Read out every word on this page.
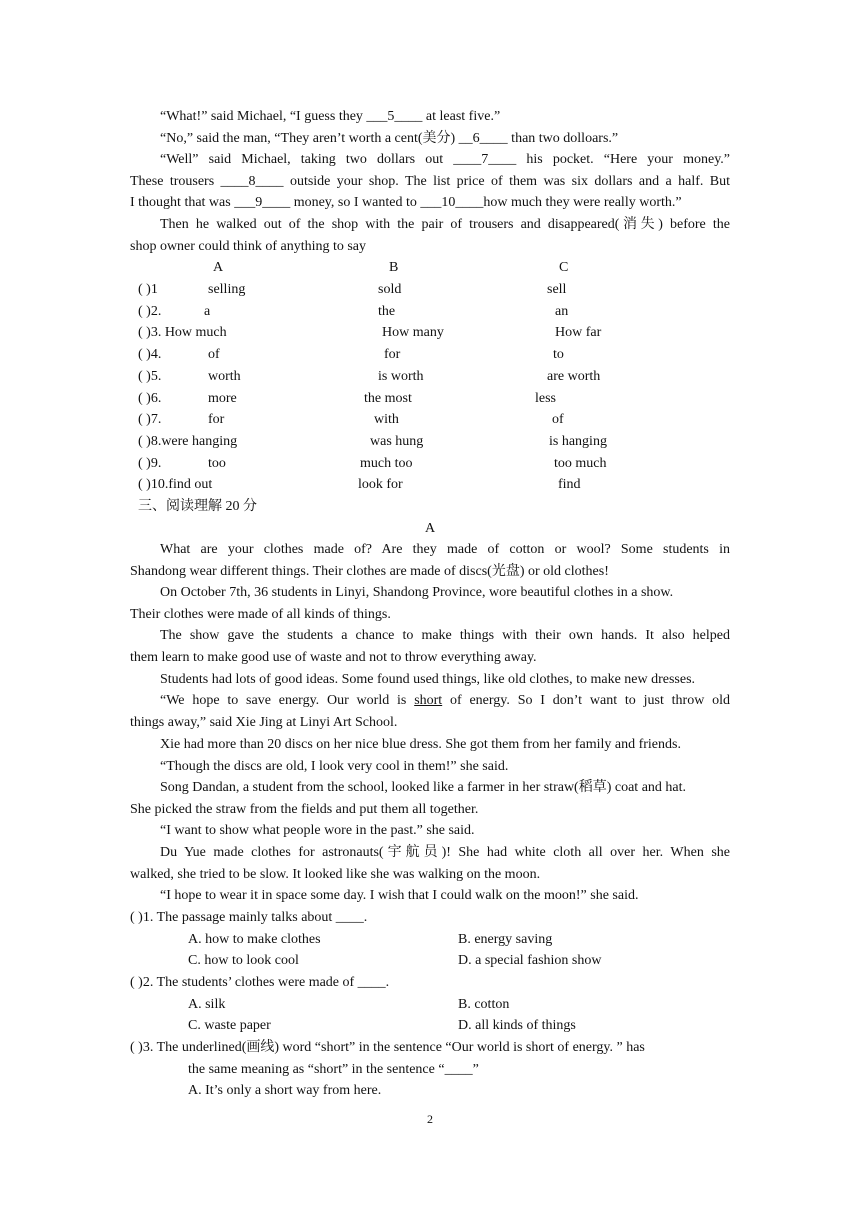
“What!” said Michael, “I guess they ___5____ at least five.”
“No,” said the man, “They aren’t worth a cent(美分) __6____ than two dolloars.”
“Well” said Michael, taking two dollars out ____7____ his pocket. “Here your money.”
These trousers ____8____ outside your shop. The list price of them was six dollars and a half. But
I thought that was ___9____ money, so I wanted to ___10____how much they were really worth.”
Then he walked out of the shop with the pair of trousers and disappeared(消失) before the
shop owner could think of anything to say
A	B	C
( )1	selling	sold	sell
( )2.	a	the	an
( )3. How much	How many	How far
( )4.	of	for	to
( )5.	worth	is worth	are worth
( )6.	more	the most	less
( )7.	for	with	of
( )8.were hanging	was hung	is hanging
( )9.	too	much too	too much
( )10.find out	look for	find
三、阅读理解 20 分
A
What are your clothes made of? Are they made of cotton or wool? Some students in
Shandong wear different things. Their clothes are made of discs(光盘) or old clothes!
On October 7th, 36 students in Linyi, Shandong Province, wore beautiful clothes in a show.
Their clothes were made of all kinds of things.
The show gave the students a chance to make things with their own hands. It also helped
them learn to make good use of waste and not to throw everything away.
Students had lots of good ideas. Some found used things, like old clothes, to make new dresses.
“We hope to save energy. Our world is short of energy. So I don’t want to just throw old
things away,” said Xie Jing at Linyi Art School.
Xie had more than 20 discs on her nice blue dress. She got them from her family and friends.
“Though the discs are old, I look very cool in them!” she said.
Song Dandan, a student from the school, looked like a farmer in her straw(稻草) coat and hat.
She picked the straw from the fields and put them all together.
“I want to show what people wore in the past.” she said.
Du Yue made clothes for astronauts(宇航员)! She had white cloth all over her. When she
walked, she tried to be slow. It looked like she was walking on the moon.
“I hope to wear it in space some day. I wish that I could walk on the moon!” she said.
( )1. The passage mainly talks about ____.
A. how to make clothes	B. energy saving
C. how to look cool	D. a special fashion show
( )2. The students’ clothes were made of ____.
A. silk	B. cotton
C. waste paper	D. all kinds of things
( )3. The underlined(画线) word “short” in the sentence “Our world is short of energy. ” has
the same meaning as “short” in the sentence “____”
A. It’s only a short way from here.
2
